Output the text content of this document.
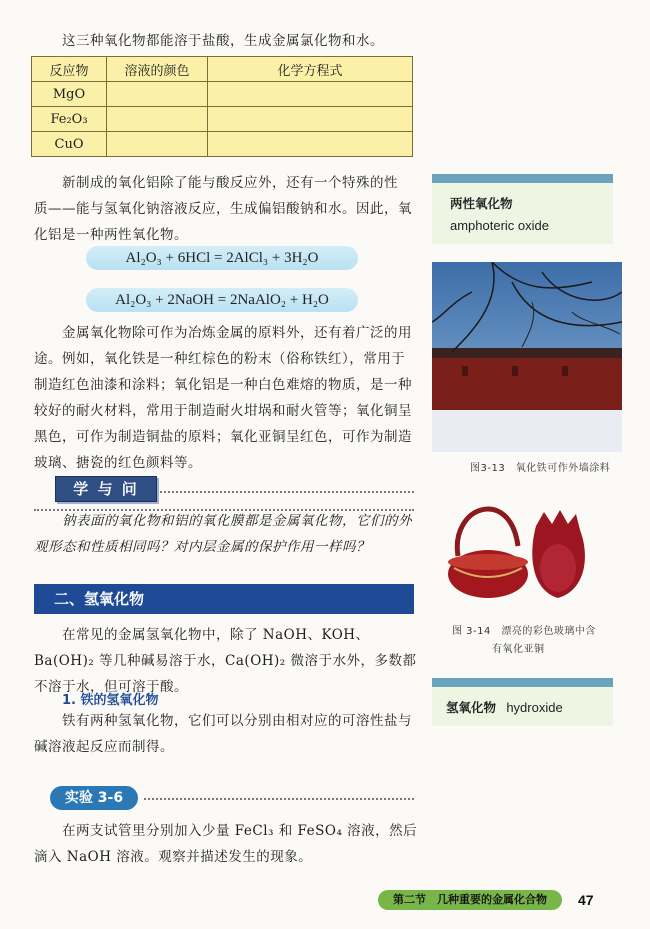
这三种氧化物都能溶于盐酸，生成金属氯化物和水。
反应物	溶液的颜色	化学方程式
MgO		
Fe₂O₃		
CuO		
新制成的氧化铝除了能与酸反应外，还有一个特殊的性
质——能与氢氧化钠溶液反应，生成偏铝酸钠和水。因此，氧
化铝是一种两性氧化物。
Al₂O₃ + 6HCl = 2AlCl₃ + 3H₂O
Al₂O₃ + 2NaOH = 2NaAlO₂ + H₂O
金属氧化物除可作为冶炼金属的原料外，还有着广泛的用
途。例如，氧化铁是一种红棕色的粉末（俗称铁红），常用于
制造红色油漆和涂料；氧化铝是一种白色难熔的物质，是一种
较好的耐火材料，常用于制造耐火坩埚和耐火管等；氧化铜呈
黑色，可作为制造铜盐的原料；氧化亚铜呈红色，可作为制造
玻璃、搪瓷的红色颜料等。
学 与 问
钠表面的氧化物和铝的氧化膜都是金属氧化物，它们的外
观形态和性质相同吗？对内层金属的保护作用一样吗？
二、氢氧化物
在常见的金属氢氧化物中，除了 NaOH、KOH、
Ba(OH)₂ 等几种碱易溶于水，Ca(OH)₂ 微溶于水外，多数都
不溶于水，但可溶于酸。
1. 铁的氢氧化物
铁有两种氢氧化物，它们可以分别由相对应的可溶性盐与
碱溶液起反应而制得。
实验 3-6
在两支试管里分别加入少量 FeCl₃ 和 FeSO₄ 溶液，然后
滴入 NaOH 溶液。观察并描述发生的现象。
两性氧化物
amphoteric oxide
图3-13　氧化铁可作外墙涂料
图 3-14　漂亮的彩色玻璃中含
有氧化亚铜
氢氧化物 hydroxide
第二节　几种重要的金属化合物	47
